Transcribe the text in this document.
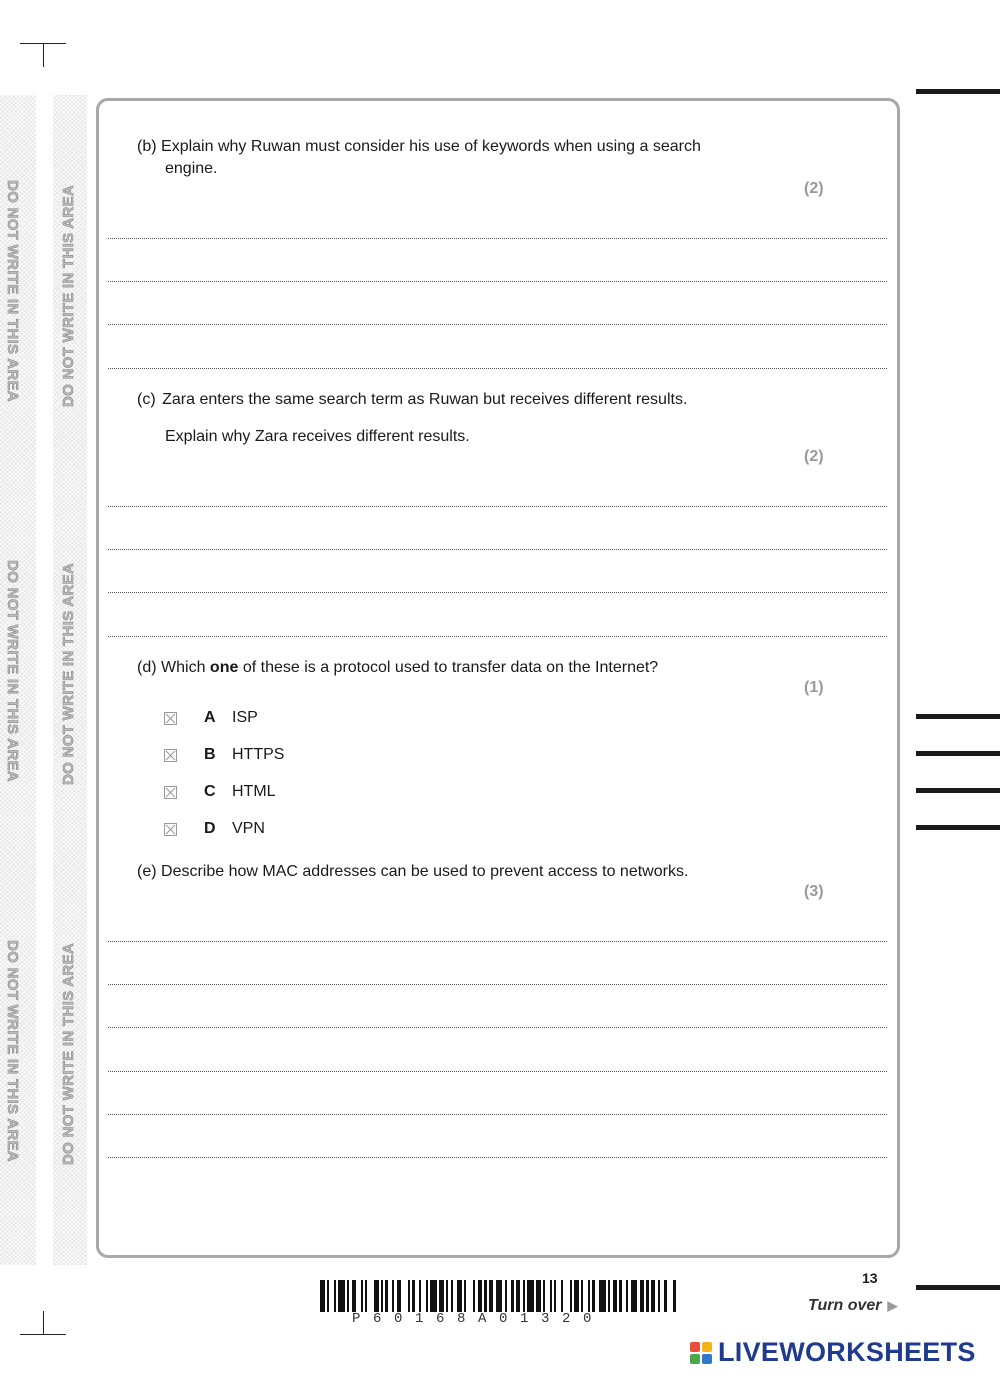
DO NOT WRITE IN THIS AREA
DO NOT WRITE IN THIS AREA
DO NOT WRITE IN THIS AREA
DO NOT WRITE IN THIS AREA
DO NOT WRITE IN THIS AREA
DO NOT WRITE IN THIS AREA
(b) Explain why Ruwan must consider his use of keywords when using a search
engine.
(2)
(c) Zara enters the same search term as Ruwan but receives different results.
Explain why Zara receives different results.
(2)
(d) Which one of these is a protocol used to transfer data on the Internet?
(1)
A	ISP
B	HTTPS
C	HTML
D	VPN
(e) Describe how MAC addresses can be used to prevent access to networks.
(3)
P60168A01320
13
Turn over ▶
LIVEWORKSHEETS
